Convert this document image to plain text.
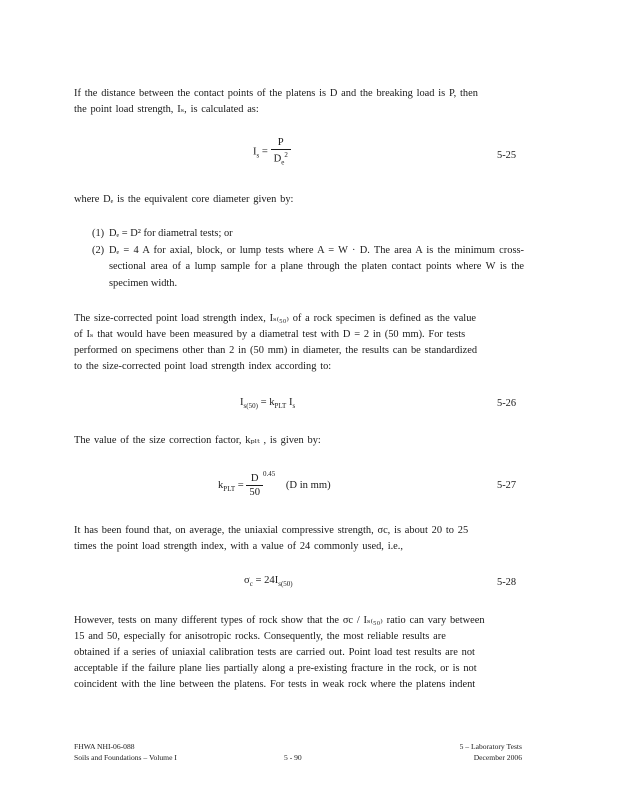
If the distance between the contact points of the platens is D and the breaking load is P, then
the point load strength, Iₛ, is calculated as:
$I_s = \frac{P}{D_e^2}$	5-25
where Dₑ is the equivalent core diameter given by:
(1) Dₑ = D² for diametral tests; or
(2) Dₑ = 4 A for axial, block, or lump tests where A = W · D. The area A is the minimum cross-sectional area of a lump sample for a plane through the platen contact points where W is the specimen width.
The size-corrected point load strength index, Iₛ₍₅₀₎ of a rock specimen is defined as the value
of Iₛ that would have been measured by a diametral test with D = 2 in (50 mm). For tests
performed on specimens other than 2 in (50 mm) in diameter, the results can be standardized
to the size-corrected point load strength index according to:
$I_{s(50)} = k_{PLT}$ $I_s$	5-26
The value of the size correction factor, kₚₗₜ , is given by:
$k_{PLT} = \frac{D}{50} ^{0.45}$ (D in mm)	5-27
It has been found that, on average, the uniaxial compressive strength, σc, is about 20 to 25
times the point load strength index, with a value of 24 commonly used, i.e.,
$\sigma_c = 24I_{s(50)}$	5-28
However, tests on many different types of rock show that the σc / Iₛ₍₅₀₎ ratio can vary between
15 and 50, especially for anisotropic rocks. Consequently, the most reliable results are
obtained if a series of uniaxial calibration tests are carried out. Point load test results are not
acceptable if the failure plane lies partially along a pre-existing fracture in the rock, or is not
coincident with the line between the platens. For tests in weak rock where the platens indent
FHWA NHI-06-088
Soils and Foundations – Volume I	5 - 90
5 – Laboratory Tests
December 2006
